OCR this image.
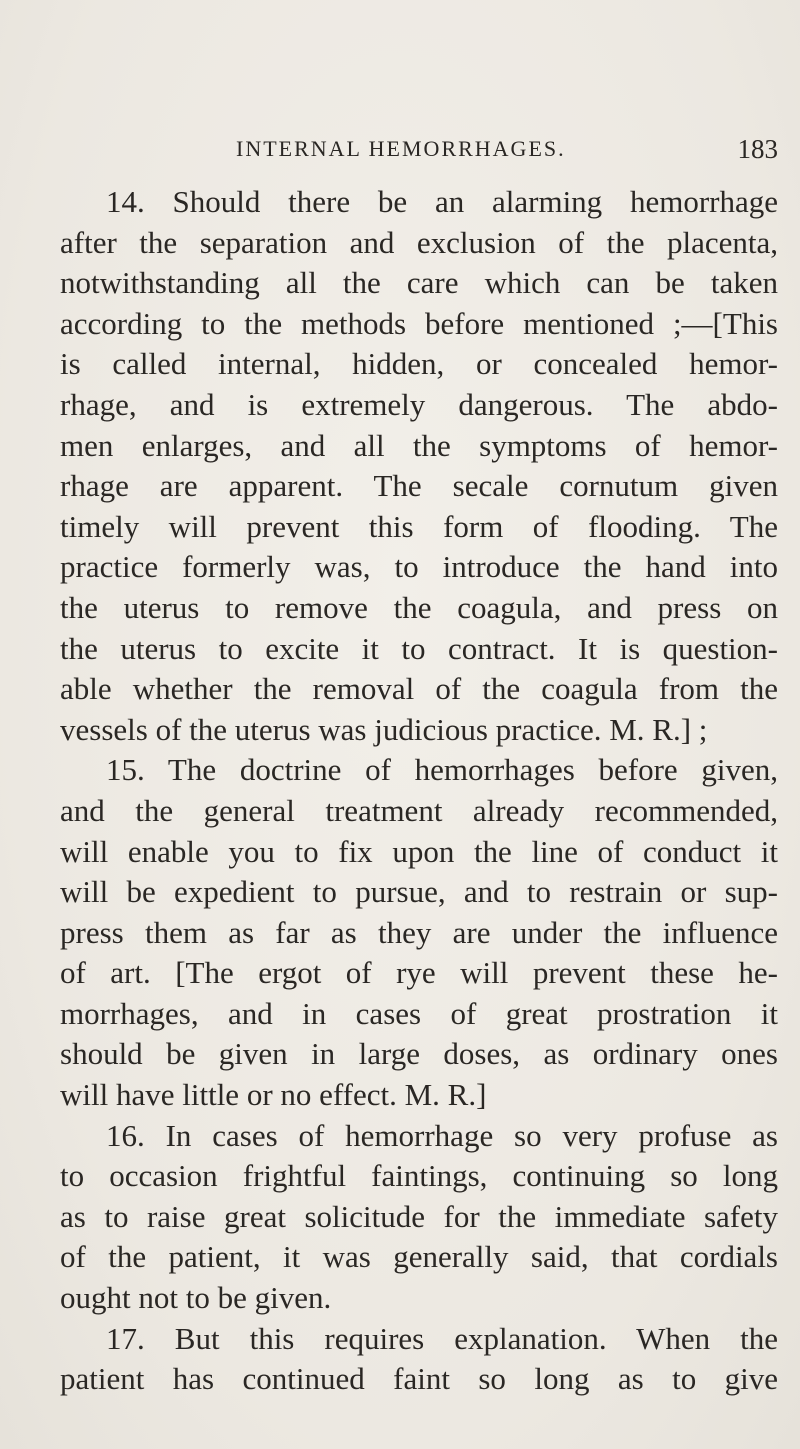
INTERNAL HEMORRHAGES.	183
14. Should there be an alarming hemorrhage
after the separation and exclusion of the placenta,
notwithstanding all the care which can be taken
according to the methods before mentioned ;—[This
is called internal, hidden, or concealed hemor-
rhage, and is extremely dangerous. The abdo-
men enlarges, and all the symptoms of hemor-
rhage are apparent. The secale cornutum given
timely will prevent this form of flooding. The
practice formerly was, to introduce the hand into
the uterus to remove the coagula, and press on
the uterus to excite it to contract. It is question-
able whether the removal of the coagula from the
vessels of the uterus was judicious practice. M. R.] ;
15. The doctrine of hemorrhages before given,
and the general treatment already recommended,
will enable you to fix upon the line of conduct it
will be expedient to pursue, and to restrain or sup-
press them as far as they are under the influence
of art. [The ergot of rye will prevent these he-
morrhages, and in cases of great prostration it
should be given in large doses, as ordinary ones
will have little or no effect. M. R.]
16. In cases of hemorrhage so very profuse as
to occasion frightful faintings, continuing so long
as to raise great solicitude for the immediate safety
of the patient, it was generally said, that cordials
ought not to be given.
17. But this requires explanation. When the
patient has continued faint so long as to give
